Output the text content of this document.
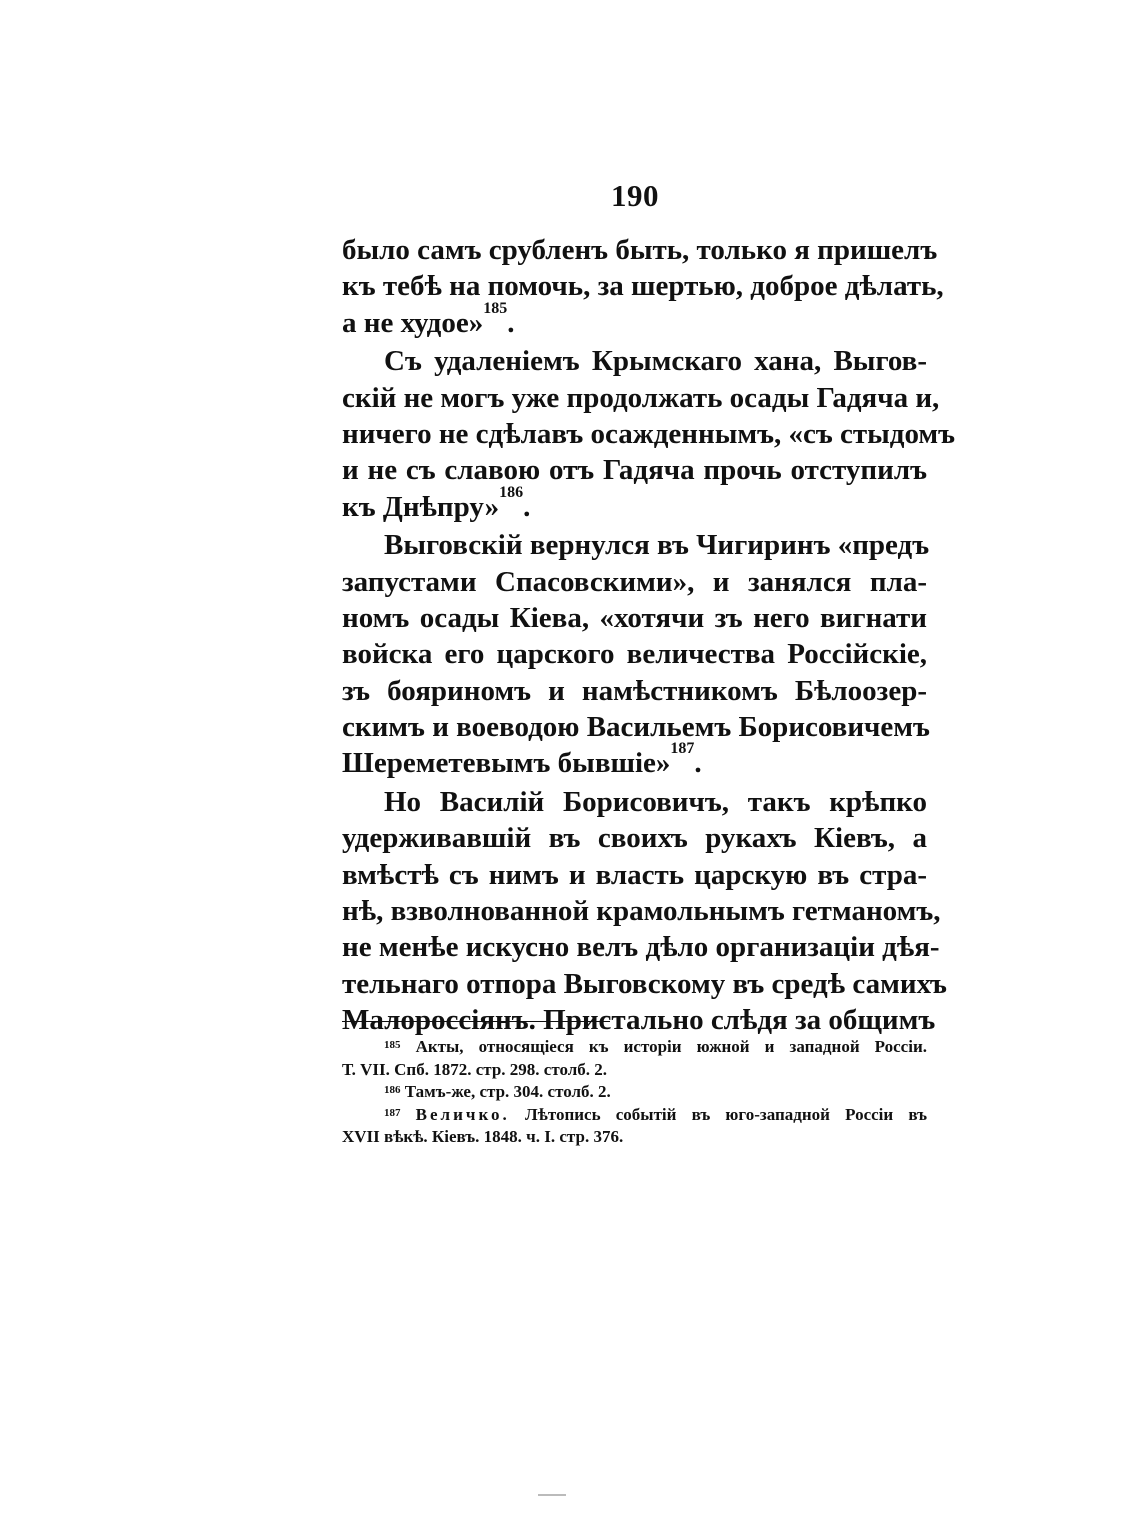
190
было самъ срубленъ быть, только я пришелъ
къ тебѣ на помочь, за шертью, доброе дѣлать,
а не худое»$^{185}$.
Съ удаленіемъ Крымскаго хана, Выгов-
скій не могъ уже продолжать осады Гадяча и,
ничего не сдѣлавъ осажденнымъ, «съ стыдомъ
и не съ славою отъ Гадяча прочь отступилъ
къ Днѣпру»$^{186}$.
Выговскій вернулся въ Чигиринъ «предъ
запустами Спасовскими», и занялся пла-
номъ осады Кіева, «хотячи зъ него вигнати
войска его царского величества Россійскіе,
зъ бояриномъ и намѣстникомъ Бѣлоозер-
скимъ и воеводою Васильемъ Борисовичемъ
Шереметевымъ бывшіе»$^{187}$.
Но Василій Борисовичъ, такъ крѣпко
удерживавшій въ своихъ рукахъ Кіевъ, а
вмѣстѣ съ нимъ и власть царскую въ стра-
нѣ, взволнованной крамольнымъ гетманомъ,
не менѣе искусно велъ дѣло организаціи дѣя-
тельнаго отпора Выговскому въ средѣ самихъ
Малороссіянъ. Пристально слѣдя за общимъ
$^{185}$ Акты, относящіеся къ исторіи южной и западной Россіи.
Т. VII. Спб. 1872. стр. 298. столб. 2.
$^{186}$ Тамъ-же, стр. 304. столб. 2.
$^{187}$ Величко. Лѣтопись событій въ юго-западной Россіи въ
XVII вѣкѣ. Кіевъ. 1848. ч. I. стр. 376.
